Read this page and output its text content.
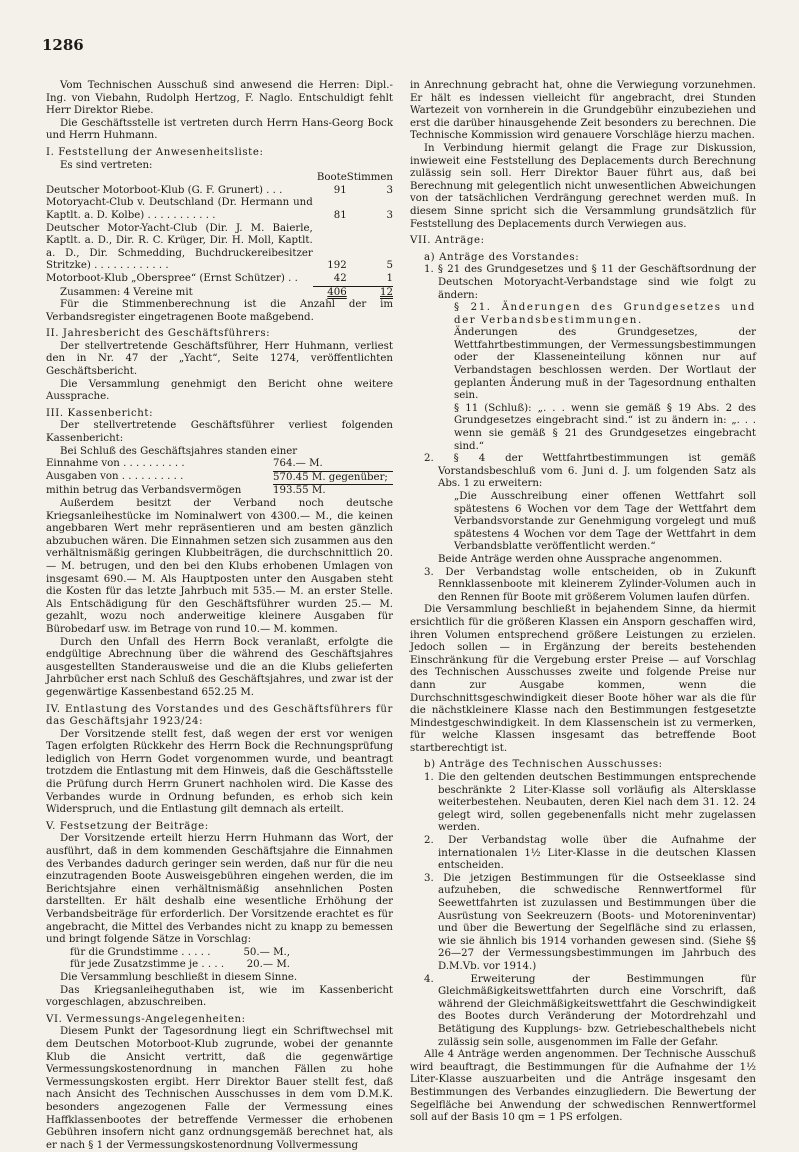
1286

Vom Technischen Ausschuß sind anwesend die Herren: Dipl.-Ing. von Viebahn, Rudolph Hertzog, F. Naglo. Entschuldigt fehlt Herr Direktor Riebe.

Die Geschäftsstelle ist vertreten durch Herrn Hans-Georg Bock und Herrn Huhmann.

I. Feststellung der Anwesenheitsliste:

Es sind vertreten:

	Boote	Stimmen
Deutscher Motorboot-Klub (G. F. Grunert) . . .	91	3
Motoryacht-Club v. Deutschland (Dr. Hermann und Kaptlt. a. D. Kolbe) . . . . . . . . . . .	81	3
Deutscher Motor-Yacht-Club (Dir. J. M. Baierle, Kaptlt. a. D., Dir. R. C. Krüger, Dir. H. Moll, Kaptlt. a. D., Dir. Schmedding, Buchdruckereibesitzer Stritzke) . . . . . . . . . . . .	192	5
Motorboot-Klub „Oberspree“ (Ernst Schützer) . .	42	1
Zusammen: 4 Vereine mit	406	12

Für die Stimmenberechnung ist die Anzahl der im Verbandsregister eingetragenen Boote maßgebend.

II. Jahresbericht des Geschäftsführers:

Der stellvertretende Geschäftsführer, Herr Huhmann, verliest den in Nr. 47 der „Yacht“, Seite 1274, veröffentlichten Geschäftsbericht.

Die Versammlung genehmigt den Bericht ohne weitere Aussprache.

III. Kassenbericht:

Der stellvertretende Geschäftsführer verliest folgenden Kassenbericht:

Bei Schluß des Geschäftsjahres standen einer

Einnahme von . . . . . . . . . .	764.— M.
Ausgaben von . . . . . . . . . .	570.45 M. gegenüber;
mithin betrug das Verbandsvermögen	193.55 M.

Außerdem besitzt der Verband noch deutsche Kriegsanleihestücke im Nominalwert von 4300.— M., die keinen angebbaren Wert mehr repräsentieren und am besten gänzlich abzubuchen wären. Die Einnahmen setzen sich zusammen aus den verhältnismäßig geringen Klubbeiträgen, die durchschnittlich 20.— M. betrugen, und den bei den Klubs erhobenen Umlagen von insgesamt 690.— M. Als Hauptposten unter den Ausgaben steht die Kosten für das letzte Jahrbuch mit 535.— M. an erster Stelle. Als Entschädigung für den Geschäftsführer wurden 25.— M. gezahlt, wozu noch anderweitige kleinere Ausgaben für Bürobedarf usw. im Betrage von rund 10.— M. kommen.

Durch den Unfall des Herrn Bock veranlaßt, erfolgte die endgültige Abrechnung über die während des Geschäftsjahres ausgestellten Standerausweise und die an die Klubs gelieferten Jahrbücher erst nach Schluß des Geschäftsjahres, und zwar ist der gegenwärtige Kassenbestand 652.25 M.

IV. Entlastung des Vorstandes und des Geschäftsführers für das Geschäftsjahr 1923/24:

Der Vorsitzende stellt fest, daß wegen der erst vor wenigen Tagen erfolgten Rückkehr des Herrn Bock die Rechnungsprüfung lediglich von Herrn Godet vorgenommen wurde, und beantragt trotzdem die Entlastung mit dem Hinweis, daß die Geschäftsstelle die Prüfung durch Herrn Grunert nachholen wird. Die Kasse des Verbandes wurde in Ordnung befunden, es erhob sich kein Widerspruch, und die Entlastung gilt demnach als erteilt.

V. Festsetzung der Beiträge:

Der Vorsitzende erteilt hierzu Herrn Huhmann das Wort, der ausführt, daß in dem kommenden Geschäftsjahre die Einnahmen des Verbandes dadurch geringer sein werden, daß nur für die neu einzutragenden Boote Ausweisgebühren eingehen werden, die im Berichtsjahre einen verhältnismäßig ansehnlichen Posten darstellten. Er hält deshalb eine wesentliche Erhöhung der Verbandsbeiträge für erforderlich. Der Vorsitzende erachtet es für angebracht, die Mittel des Verbandes nicht zu knapp zu bemessen und bringt folgende Sätze in Vorschlag:

für die Grundstimme . . . . .	50.— M.,
für jede Zusatzstimme je . . . .	20.— M.

Die Versammlung beschließt in diesem Sinne.

Das Kriegsanleiheguthaben ist, wie im Kassenbericht vorgeschlagen, abzuschreiben.

VI. Vermessungs-Angelegenheiten:

Diesem Punkt der Tagesordnung liegt ein Schriftwechsel mit dem Deutschen Motorboot-Klub zugrunde, wobei der genannte Klub die Ansicht vertritt, daß die gegenwärtige Vermessungskostenordnung in manchen Fällen zu hohe Vermessungskosten ergibt. Herr Direktor Bauer stellt fest, daß nach Ansicht des Technischen Ausschusses in dem vom D.M.K. besonders angezogenen Falle der Vermessung eines Haffklassenbootes der betreffende Vermesser die erhobenen Gebühren insofern nicht ganz ordnungsgemäß berechnet hat, als er nach § 1 der Vermessungskostenordnung Vollvermessung

in Anrechnung gebracht hat, ohne die Verwiegung vorzunehmen. Er hält es indessen vielleicht für angebracht, drei Stunden Wartezeit von vornherein in die Grundgebühr einzubeziehen und erst die darüber hinausgehende Zeit besonders zu berechnen. Die Technische Kommission wird genauere Vorschläge hierzu machen.

In Verbindung hiermit gelangt die Frage zur Diskussion, inwieweit eine Feststellung des Deplacements durch Berechnung zulässig sein soll. Herr Direktor Bauer führt aus, daß bei Berechnung mit gelegentlich nicht unwesentlichen Abweichungen von der tatsächlichen Verdrängung gerechnet werden muß. In diesem Sinne spricht sich die Versammlung grundsätzlich für Feststellung des Deplacements durch Verwiegen aus.

VII. Anträge:

a) Anträge des Vorstandes:

1. § 21 des Grundgesetzes und § 11 der Geschäftsordnung der Deutschen Motoryacht-Verbandstage sind wie folgt zu ändern:

§ 21. Änderungen des Grundgesetzes und der Verbandsbestimmungen.

Änderungen des Grundgesetzes, der Wettfahrtbestimmungen, der Vermessungsbestimmungen oder der Klasseneinteilung können nur auf Verbandstagen beschlossen werden. Der Wortlaut der geplanten Änderung muß in der Tagesordnung enthalten sein.

§ 11 (Schluß): „. . . wenn sie gemäß § 19 Abs. 2 des Grundgesetzes eingebracht sind.“ ist zu ändern in: „. . . wenn sie gemäß § 21 des Grundgesetzes eingebracht sind.“

2. § 4 der Wettfahrtbestimmungen ist gemäß Vorstandsbeschluß vom 6. Juni d. J. um folgenden Satz als Abs. 1 zu erweitern:

„Die Ausschreibung einer offenen Wettfahrt soll spätestens 6 Wochen vor dem Tage der Wettfahrt dem Verbandsvorstande zur Genehmigung vorgelegt und muß spätestens 4 Wochen vor dem Tage der Wettfahrt in dem Verbandsblatte veröffentlicht werden.“

Beide Anträge werden ohne Aussprache angenommen.

3. Der Verbandstag wolle entscheiden, ob in Zukunft Rennklassenboote mit kleinerem Zylinder-Volumen auch in den Rennen für Boote mit größerem Volumen laufen dürfen.

Die Versammlung beschließt in bejahendem Sinne, da hiermit ersichtlich für die größeren Klassen ein Ansporn geschaffen wird, ihren Volumen entsprechend größere Leistungen zu erzielen. Jedoch sollen — in Ergänzung der bereits bestehenden Einschränkung für die Vergebung erster Preise — auf Vorschlag des Technischen Ausschusses zweite und folgende Preise nur dann zur Ausgabe kommen, wenn die Durchschnittsgeschwindigkeit dieser Boote höher war als die für die nächstkleinere Klasse nach den Bestimmungen festgesetzte Mindestgeschwindigkeit. In dem Klassenschein ist zu vermerken, für welche Klassen insgesamt das betreffende Boot startberechtigt ist.

b) Anträge des Technischen Ausschusses:

1. Die den geltenden deutschen Bestimmungen entsprechende beschränkte 2 Liter-Klasse soll vorläufig als Altersklasse weiterbestehen. Neubauten, deren Kiel nach dem 31. 12. 24 gelegt wird, sollen gegebenenfalls nicht mehr zugelassen werden.

2. Der Verbandstag wolle über die Aufnahme der internationalen 1½ Liter-Klasse in die deutschen Klassen entscheiden.

3. Die jetzigen Bestimmungen für die Ostseeklasse sind aufzuheben, die schwedische Rennwertformel für Seewettfahrten ist zuzulassen und Bestimmungen über die Ausrüstung von Seekreuzern (Boots- und Motoreninventar) und über die Bewertung der Segelfläche sind zu erlassen, wie sie ähnlich bis 1914 vorhanden gewesen sind. (Siehe §§ 26—27 der Vermessungsbestimmungen im Jahrbuch des D.M.Vb. vor 1914.)

4. Erweiterung der Bestimmungen für Gleichmäßigkeitswettfahrten durch eine Vorschrift, daß während der Gleichmäßigkeitswettfahrt die Geschwindigkeit des Bootes durch Veränderung der Motordrehzahl und Betätigung des Kupplungs- bzw. Getriebeschalthebels nicht zulässig sein solle, ausgenommen im Falle der Gefahr.

Alle 4 Anträge werden angenommen. Der Technische Ausschuß wird beauftragt, die Bestimmungen für die Aufnahme der 1½ Liter-Klasse auszuarbeiten und die Anträge insgesamt den Bestimmungen des Verbandes einzugliedern. Die Bewertung der Segelfläche bei Anwendung der schwedischen Rennwertformel soll auf der Basis 10 qm = 1 PS erfolgen.
